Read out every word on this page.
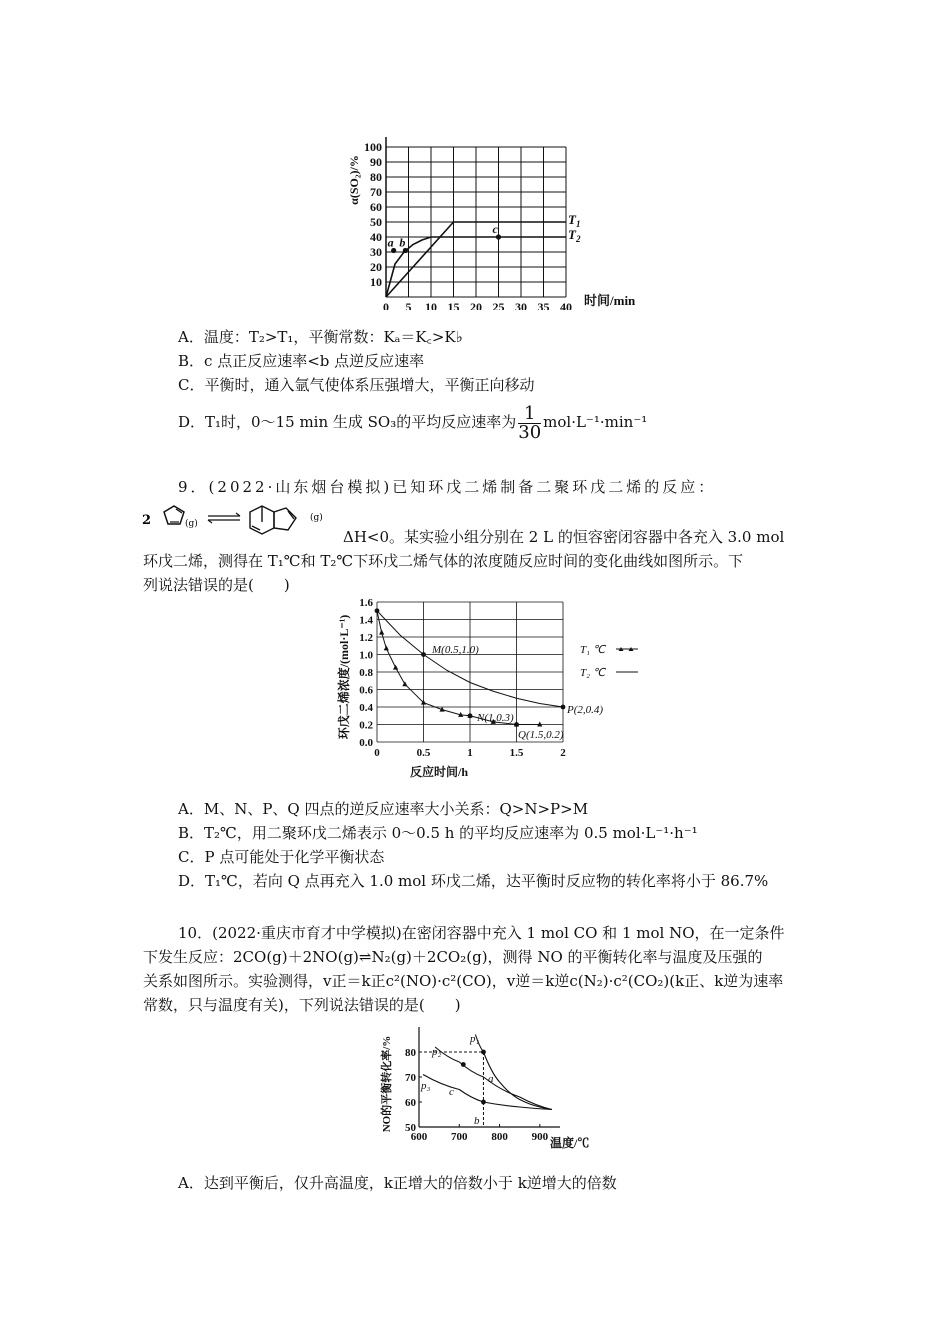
0 5 10 15 20 25 30 35 40
10
20
30
40
50
60
70
80
90
100
a b
c
α(SO₂)/%
时间/min
$T_1$
$T_2$
A．温度：T₂>T₁，平衡常数：Kₐ＝K꜀>K♭
B．c 点正反应速率<b 点逆反应速率
C．平衡时，通入氩气使体系压强增大，平衡正向移动
D．T₁时，0～15 min 生成 SO₃的平均反应速率为 $\frac{1}{30} mol\cdot L^{-1}\cdot\min^{-1}$
9．(2022·山东烟台模拟)已知环戊二烯制备二聚环戊二烯的反应：
2	(g)
(g)
ΔH<0。某实验小组分别在 2 L 的恒容密闭容器中各充入 3.0 mol
环戊二烯，测得在 T₁℃和 T₂℃下环戊二烯气体的浓度随反应时间的变化曲线如图所示。下
列说法错误的是(　　)
0	0.5	1	1.5	2
0.0
0.2
0.4
0.6
0.8
1.0
1.2
1.4
1.6
环戊二烯浓度/(mol·L⁻¹)
反应时间/h
T₁ ℃
T₂ ℃
M(0.5,1.0)
N(1,0.3)
P(2,0.4)
Q(1.5,0.2)
A．M、N、P、Q 四点的逆反应速率大小关系：Q>N>P>M
B．T₂℃，用二聚环戊二烯表示 0～0.5 h 的平均反应速率为 0.5 mol·L⁻¹·h⁻¹
C．P 点可能处于化学平衡状态
D．T₁℃，若向 Q 点再充入 1.0 mol 环戊二烯，达平衡时反应物的转化率将小于 86.7%
10．(2022·重庆市育才中学模拟)在密闭容器中充入 1 mol CO 和 1 mol NO，在一定条件
下发生反应：2CO(g)＋2NO(g)⇌N₂(g)＋2CO₂(g)，测得 NO 的平衡转化率与温度及压强的
关系如图所示。实验测得，v正＝k正c²(NO)·c²(CO)，v逆＝k逆c(N₂)·c²(CO₂)(k正、k逆为速率
常数，只与温度有关)，下列说法错误的是(　　)
600 700 800 900
50
60
70
80
NO的平衡转化率/%
温度/℃
p₁
p₂
p₃
a
b
c
A．达到平衡后，仅升高温度，k正增大的倍数小于 k逆增大的倍数
